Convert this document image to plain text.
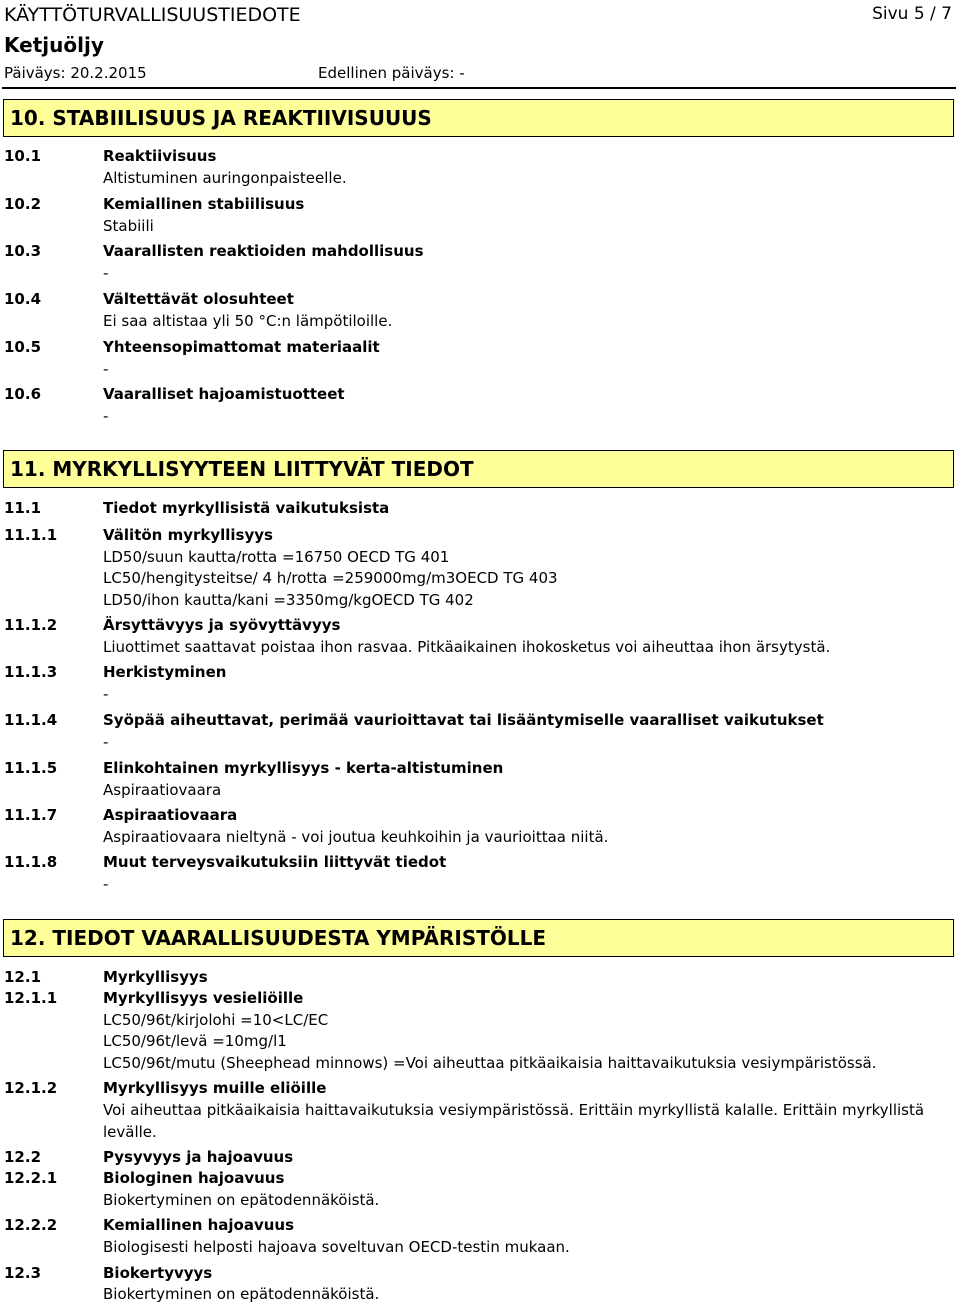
KÄYTTÖTURVALLISUUSTIEDOTE	Sivu 5 / 7
Ketjuöljy
Päiväys: 20.2.2015	Edellinen päiväys: -
10. STABIILISUUS JA REAKTIIVISUUUS
10.1	Reaktiivisuus
Altistuminen auringonpaisteelle.
10.2	Kemiallinen stabiilisuus
Stabiili
10.3	Vaarallisten reaktioiden mahdollisuus
-
10.4	Vältettävät olosuhteet
Ei saa altistaa yli 50 °C:n lämpötiloille.
10.5	Yhteensopimattomat materiaalit
-
10.6	Vaaralliset hajoamistuotteet
-
11. MYRKYLLISYYTEEN LIITTYVÄT TIEDOT
11.1	Tiedot myrkyllisistä vaikutuksista
11.1.1	Välitön myrkyllisyys
LD50/suun kautta/rotta =16750 OECD TG 401
LC50/hengitysteitse/ 4 h/rotta =259000mg/m3OECD TG 403
LD50/ihon kautta/kani =3350mg/kgOECD TG 402
11.1.2	Ärsyttävyys ja syövyttävyys
Liuottimet saattavat poistaa ihon rasvaa. Pitkäaikainen ihokosketus voi aiheuttaa ihon ärsytystä.
11.1.3	Herkistyminen
-
11.1.4	Syöpää aiheuttavat, perimää vaurioittavat tai lisääntymiselle vaaralliset vaikutukset
-
11.1.5	Elinkohtainen myrkyllisyys - kerta-altistuminen
Aspiraatiovaara
11.1.7	Aspiraatiovaara
Aspiraatiovaara nieltynä - voi joutua keuhkoihin ja vaurioittaa niitä.
11.1.8	Muut terveysvaikutuksiin liittyvät tiedot
-
12. TIEDOT VAARALLISUUDESTA YMPÄRISTÖLLE
12.1	Myrkyllisyys
12.1.1	Myrkyllisyys vesieliöille
LC50/96t/kirjolohi =10<LC/EC
LC50/96t/levä =10mg/l1
LC50/96t/mutu (Sheephead minnows) =Voi aiheuttaa pitkäaikaisia haittavaikutuksia vesiympäristössä.
12.1.2	Myrkyllisyys muille eliöille
Voi aiheuttaa pitkäaikaisia haittavaikutuksia vesiympäristössä. Erittäin myrkyllistä kalalle. Erittäin myrkyllistä levälle.
12.2	Pysyvyys ja hajoavuus
12.2.1	Biologinen hajoavuus
Biokertyminen on epätodennäköistä.
12.2.2	Kemiallinen hajoavuus
Biologisesti helposti hajoava soveltuvan OECD-testin mukaan.
12.3	Biokertyvyys
Biokertyminen on epätodennäköistä.
